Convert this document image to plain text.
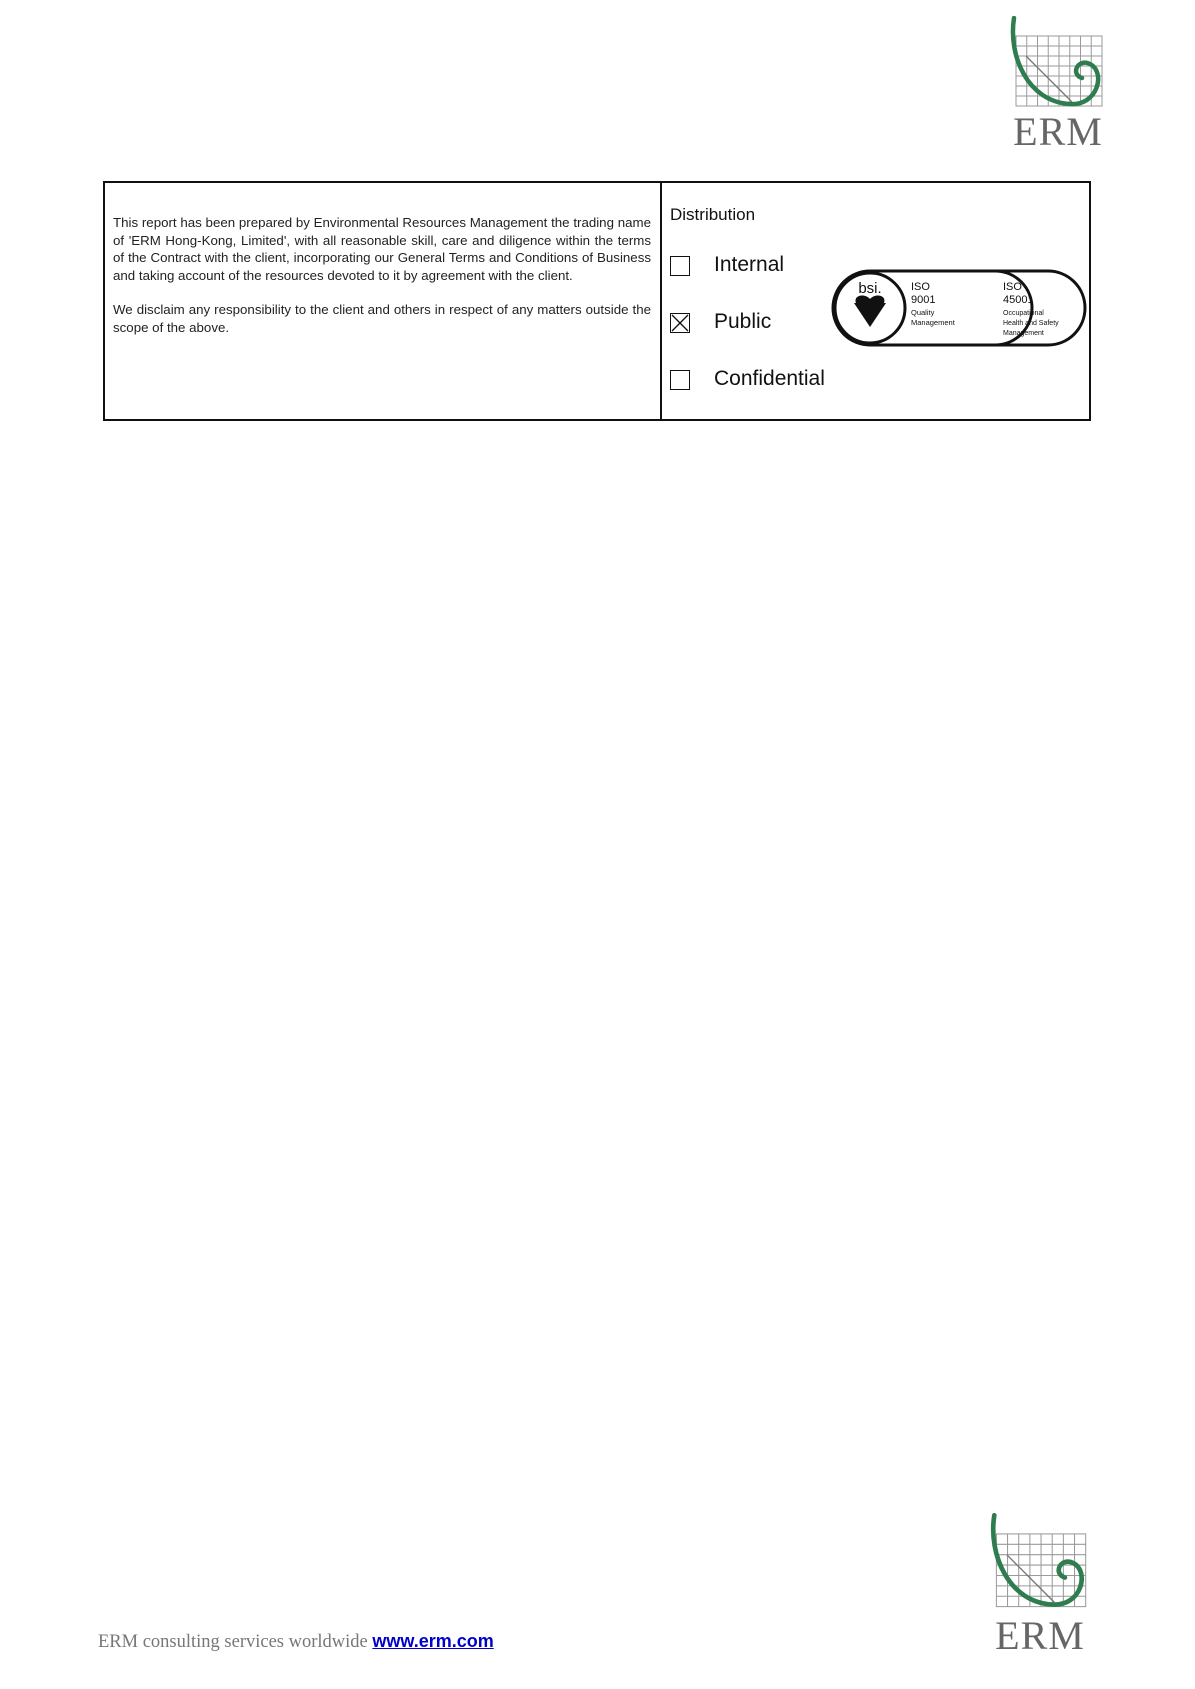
ERM

This report has been prepared by Environmental Resources Management the trading name of 'ERM Hong-Kong, Limited', with all reasonable skill, care and diligence within the terms of the Contract with the client, incorporating our General Terms and Conditions of Business and taking account of the resources devoted to it by agreement with the client.

We disclaim any responsibility to the client and others in respect of any matters outside the scope of the above.

Distribution
Internal
Public
Confidential
bsi.	ISO
9001
Quality
Management
ISO
45001
Occupational
Health and Safety
Management
ERM
ERM consulting services worldwide www.erm.com
